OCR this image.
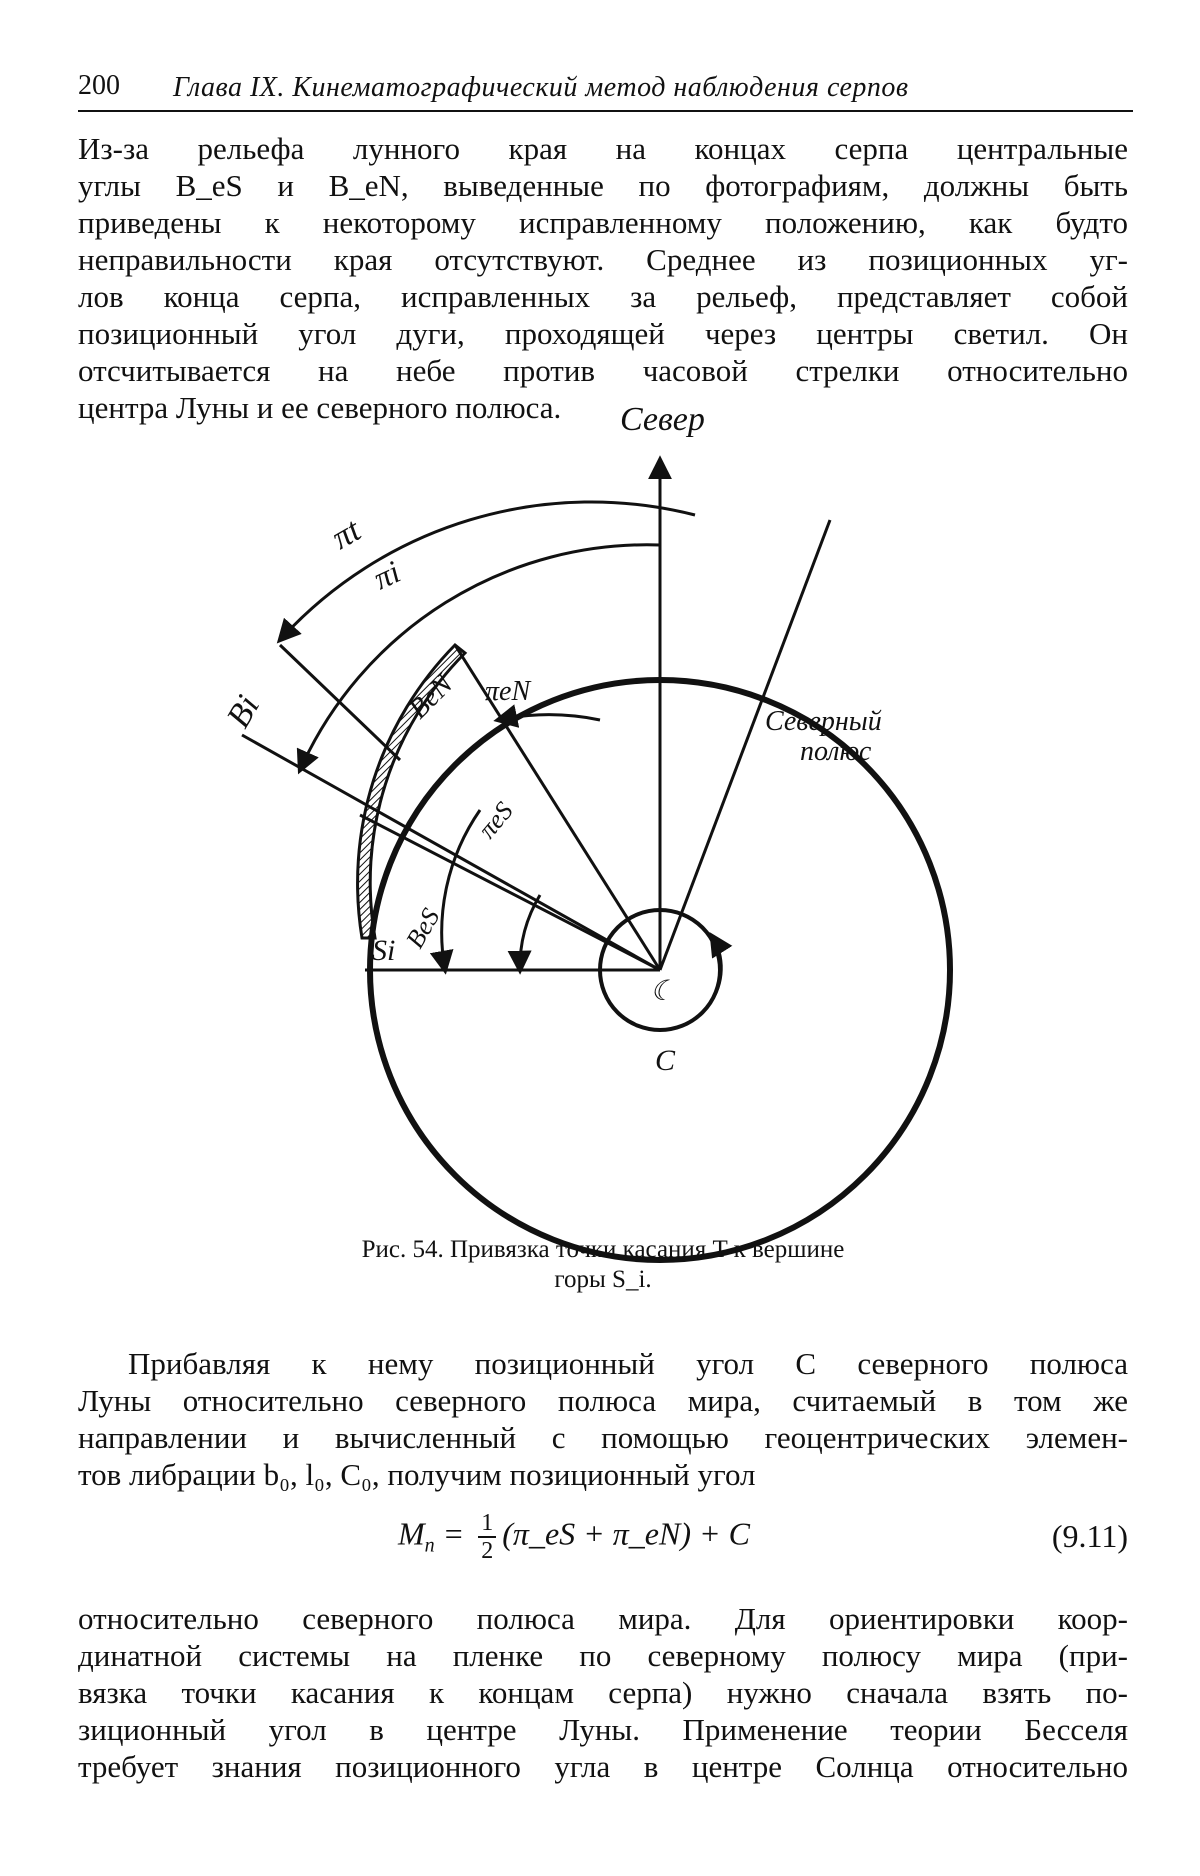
200 Глава IX. Кинематографический метод наблюдения серпов
Из-за рельефа лунного края на концах серпа центральные
углы B_eS и B_eN, выведенные по фотографиям, должны быть
приведены к некоторому исправленному положению, как будто
неправильности края отсутствуют. Среднее из позиционных уг-
лов конца серпа, исправленных за рельеф, представляет собой
позиционный угол дуги, проходящей через центры светил. Он
отсчитывается на небе против часовой стрелки относительно
центра Луны и ее северного полюса.	Север
πt
πi
Bi	BeN πeN
BeS
πeS
Si
Северный
полюс
☾
C
Рис. 54. Привязка точки касания T к вершине
горы S_i.
Прибавляя к нему позиционный угол C северного полюса
Луны относительно северного полюса мира, считаемый в том же
направлении и вычисленный с помощью геоцентрических элемен-
тов либрации b₀, l₀, C₀, получим позиционный угол
$M_n = \frac{1}{2}$ (π_eS + π_eN) + C	(9.11)
относительно северного полюса мира. Для ориентировки коор-
динатной системы на пленке по северному полюсу мира (при-
вязка точки касания к концам серпа) нужно сначала взять по-
зиционный угол в центре Луны. Применение теории Бесселя
требует знания позиционного угла в центре Солнца относительно
